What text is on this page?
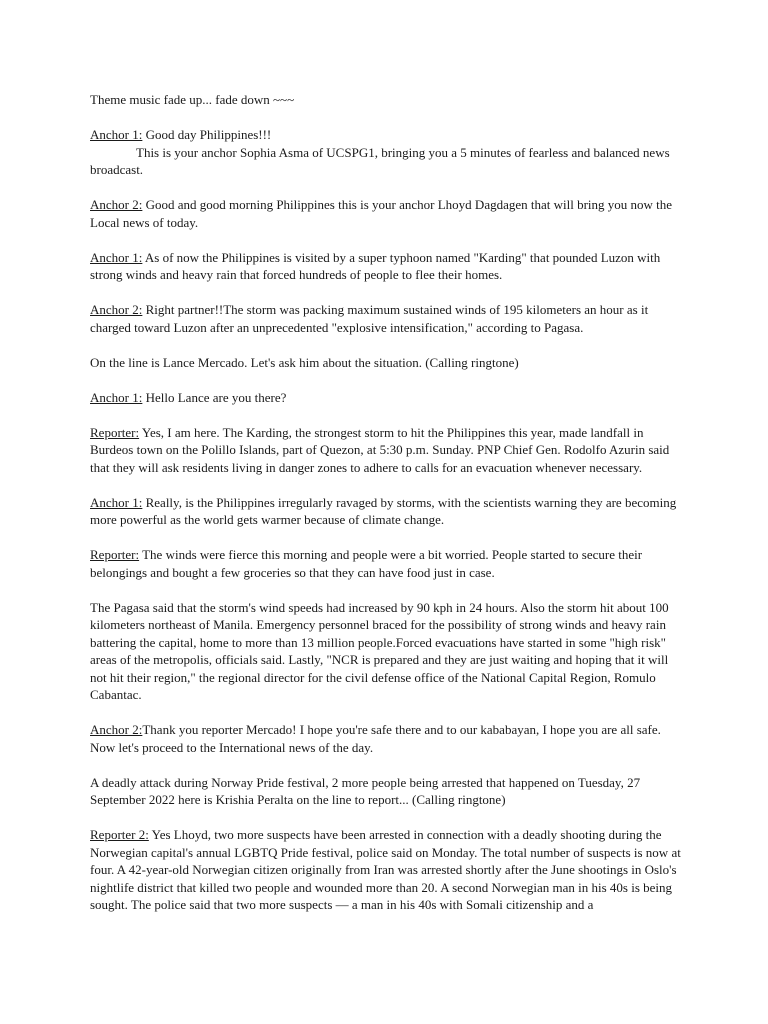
Theme music fade up... fade down ~~~

Anchor 1: Good day Philippines!!!
This is your anchor Sophia Asma of UCSPG1, bringing you a 5 minutes of fearless and balanced news broadcast.

Anchor 2: Good and good morning Philippines this is your anchor Lhoyd Dagdagen that will bring you now the Local news of today.

Anchor 1: As of now the Philippines is visited by a super typhoon named "Karding" that pounded Luzon with strong winds and heavy rain that forced hundreds of people to flee their homes.

Anchor 2: Right partner!!The storm was packing maximum sustained winds of 195 kilometers an hour as it charged toward Luzon after an unprecedented "explosive intensification," according to Pagasa.

On the line is Lance Mercado. Let's ask him about the situation. (Calling ringtone)

Anchor 1: Hello Lance are you there?

Reporter: Yes, I am here. The Karding, the strongest storm to hit the Philippines this year, made landfall in Burdeos town on the Polillo Islands, part of Quezon, at 5:30 p.m. Sunday. PNP Chief Gen. Rodolfo Azurin said that they will ask residents living in danger zones to adhere to calls for an evacuation whenever necessary.

Anchor 1: Really, is the Philippines irregularly ravaged by storms, with the scientists warning they are becoming more powerful as the world gets warmer because of climate change.

Reporter: The winds were fierce this morning and people were a bit worried. People started to secure their belongings and bought a few groceries so that they can have food just in case.

The Pagasa said that the storm's wind speeds had increased by 90 kph in 24 hours. Also the storm hit about 100 kilometers northeast of Manila. Emergency personnel braced for the possibility of strong winds and heavy rain battering the capital, home to more than 13 million people.Forced evacuations have started in some "high risk" areas of the metropolis, officials said. Lastly, "NCR is prepared and they are just waiting and hoping that it will not hit their region," the regional director for the civil defense office of the National Capital Region, Romulo Cabantac.

Anchor 2:Thank you reporter Mercado! I hope you're safe there and to our kababayan, I hope you are all safe. Now let's proceed to the International news of the day.

A deadly attack during Norway Pride festival, 2 more people being arrested that happened on Tuesday, 27 September 2022 here is Krishia Peralta on the line to report... (Calling ringtone)

Reporter 2: Yes Lhoyd, two more suspects have been arrested in connection with a deadly shooting during the Norwegian capital's annual LGBTQ Pride festival, police said on Monday. The total number of suspects is now at four. A 42-year-old Norwegian citizen originally from Iran was arrested shortly after the June shootings in Oslo's nightlife district that killed two people and wounded more than 20. A second Norwegian man in his 40s is being sought. The police said that two more suspects — a man in his 40s with Somali citizenship and a
